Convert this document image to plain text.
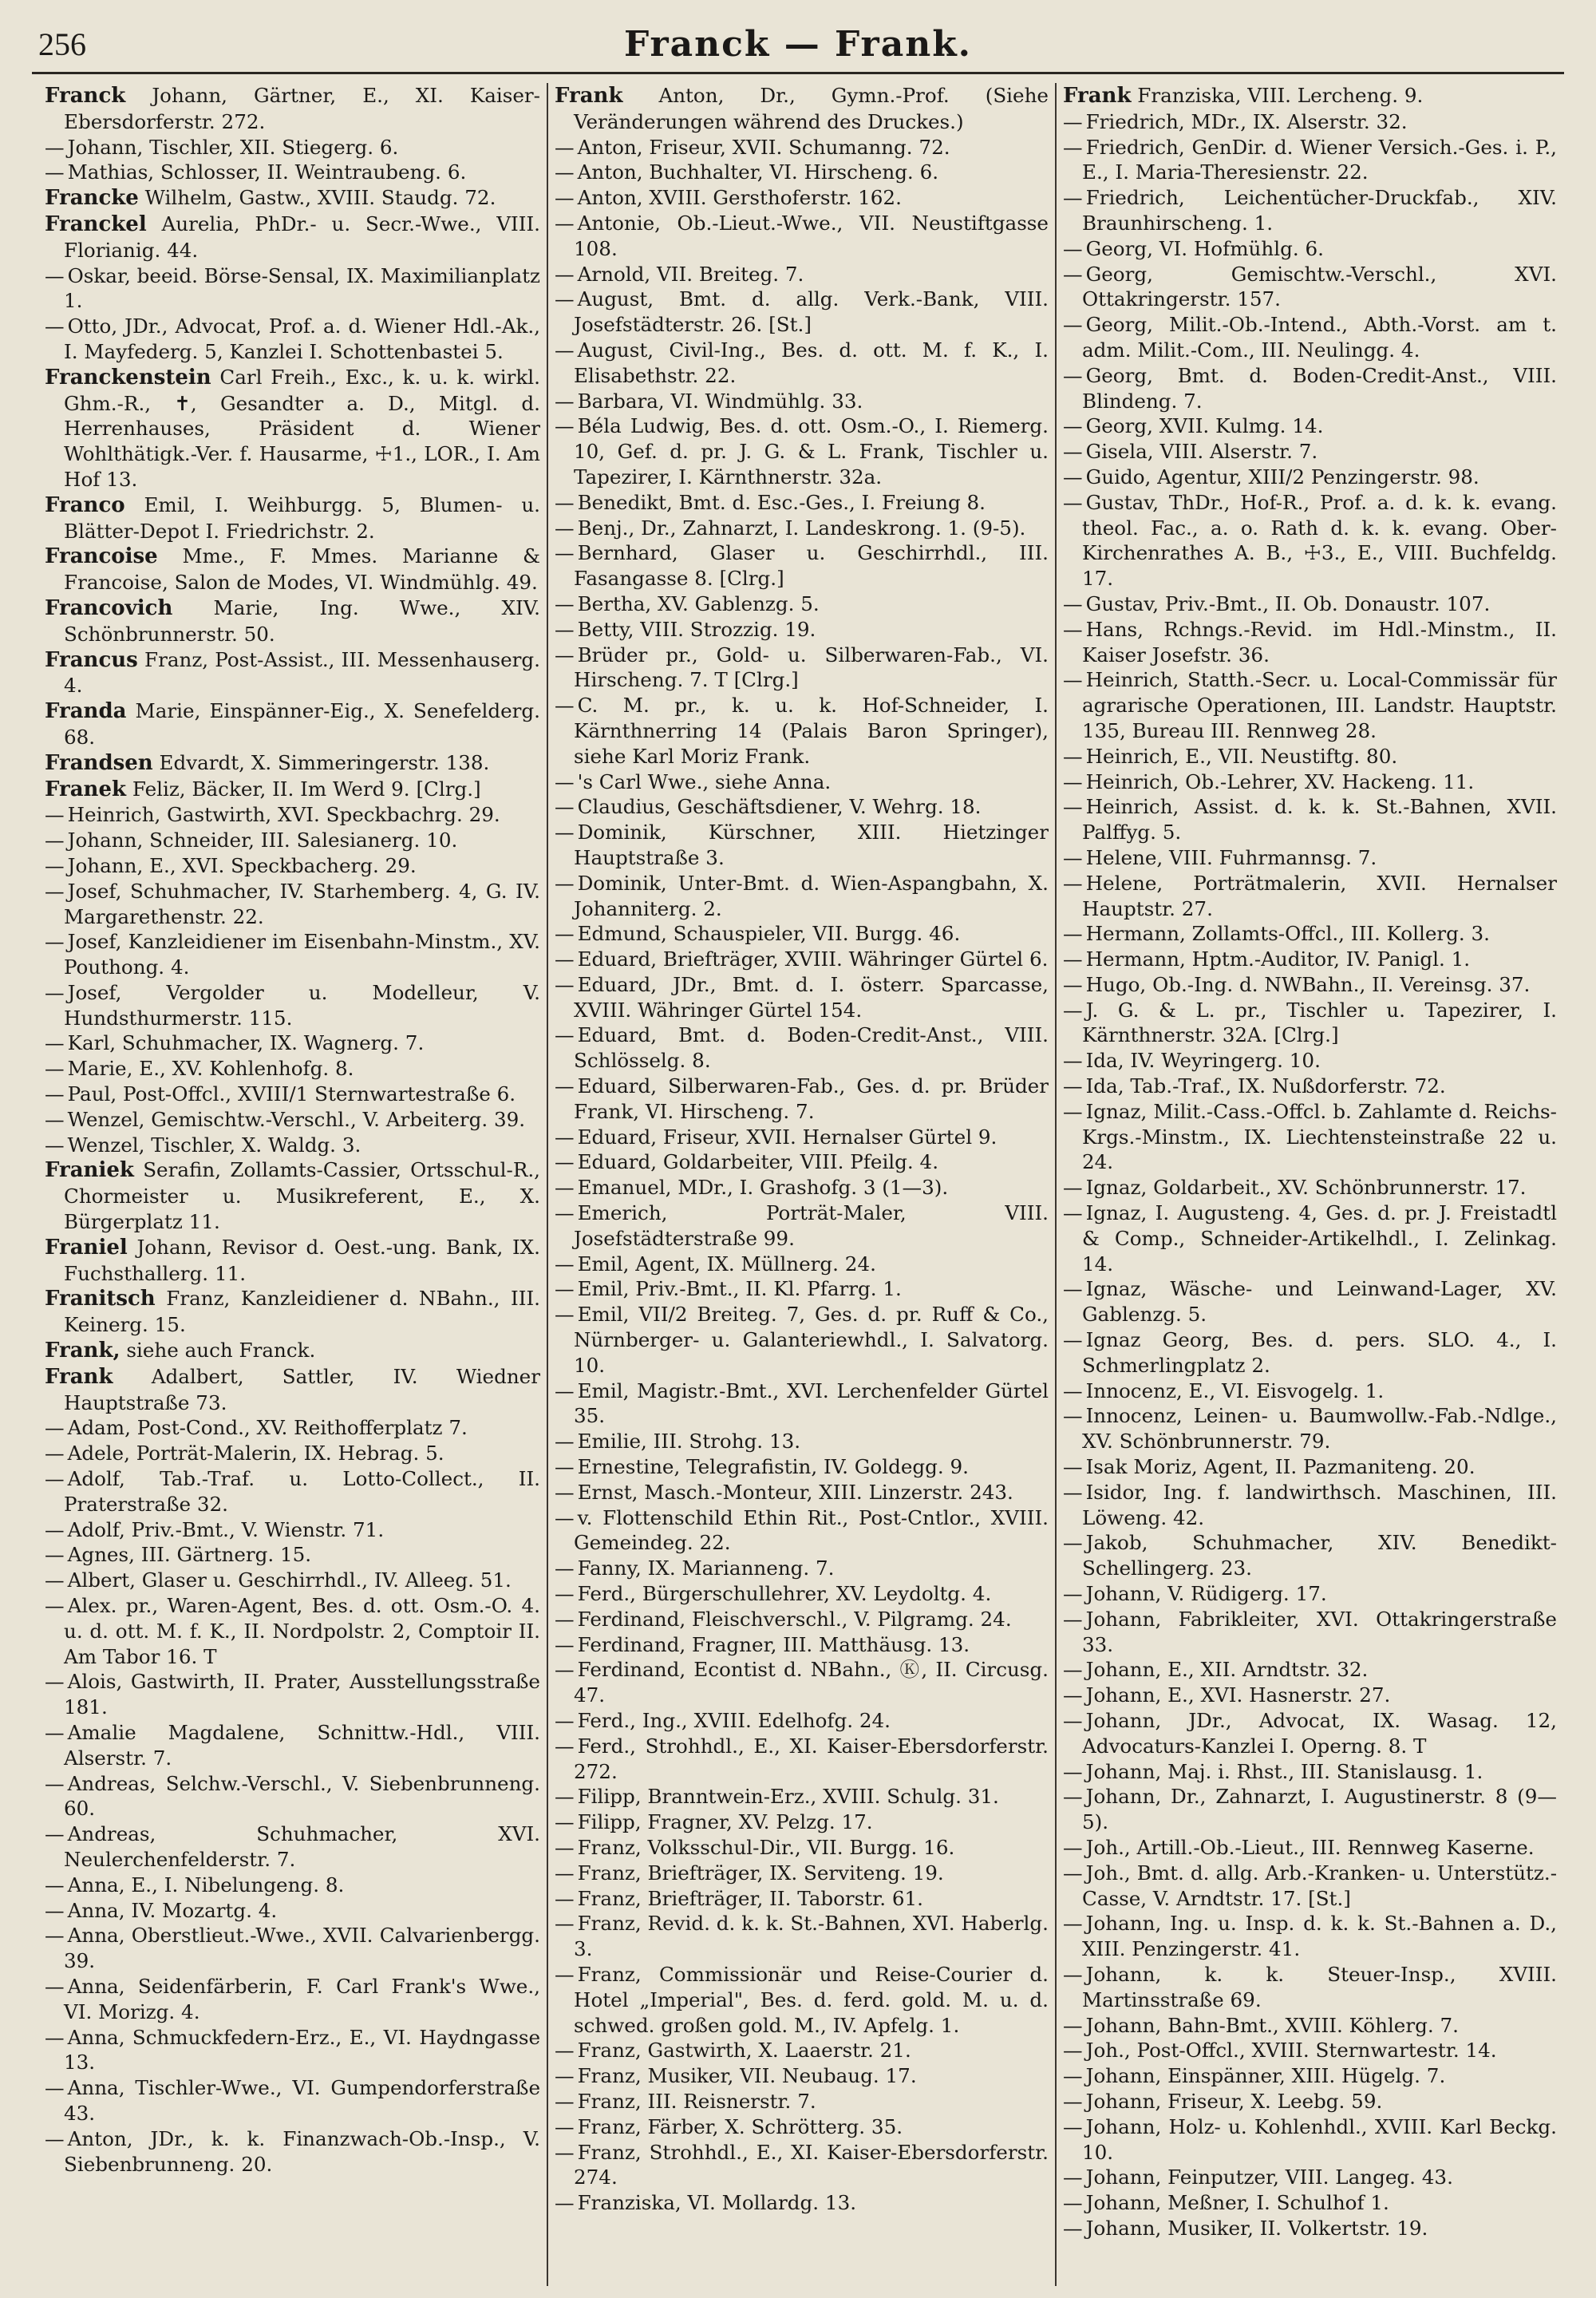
256	Franck — Frank.
Franck Johann, Gärtner, E., XI. Kaiser-Ebersdorferstr. 272.
— Johann, Tischler, XII. Stiegerg. 6.
— Mathias, Schlosser, II. Weintraubeng. 6.
Francke Wilhelm, Gastw., XVIII. Staudg. 72.
Franckel Aurelia, PhDr.- u. Secr.-Wwe., VIII. Florianig. 44.
— Oskar, beeid. Börse-Sensal, IX. Maximilianplatz 1.
— Otto, JDr., Advocat, Prof. a. d. Wiener Hdl.-Ak., I. Mayfederg. 5, Kanzlei I. Schottenbastei 5.
Franckenstein Carl Freih., Exc., k. u. k. wirkl. Ghm.-R., ✝, Gesandter a. D., Mitgl. d. Herrenhauses, Präsident d. Wiener Wohlthätigk.-Ver. f. Hausarme, ☩1., LOR., I. Am Hof 13.
Franco Emil, I. Weihburgg. 5, Blumen- u. Blätter-Depot I. Friedrichstr. 2.
Francoise Mme., F. Mmes. Marianne & Francoise, Salon de Modes, VI. Windmühlg. 49.
Francovich Marie, Ing. Wwe., XIV. Schönbrunnerstr. 50.
Francus Franz, Post-Assist., III. Messenhauserg. 4.
Franda Marie, Einspänner-Eig., X. Senefelderg. 68.
Frandsen Edvardt, X. Simmeringerstr. 138.
Franek Feliz, Bäcker, II. Im Werd 9. [Clrg.]
— Heinrich, Gastwirth, XVI. Speckbachrg. 29.
— Johann, Schneider, III. Salesianerg. 10.
— Johann, E., XVI. Speckbacherg. 29.
— Josef, Schuhmacher, IV. Starhemberg. 4, G. IV. Margarethenstr. 22.
— Josef, Kanzleidiener im Eisenbahn-Minstm., XV. Pouthong. 4.
— Josef, Vergolder u. Modelleur, V. Hundsthurmerstr. 115.
— Karl, Schuhmacher, IX. Wagnerg. 7.
— Marie, E., XV. Kohlenhofg. 8.
— Paul, Post-Offcl., XVIII/1 Sternwartestraße 6.
— Wenzel, Gemischtw.-Verschl., V. Arbeiterg. 39.
— Wenzel, Tischler, X. Waldg. 3.
Franiek Serafin, Zollamts-Cassier, Ortsschul-R., Chormeister u. Musikreferent, E., X. Bürgerplatz 11.
Franiel Johann, Revisor d. Oest.-ung. Bank, IX. Fuchsthallerg. 11.
Franitsch Franz, Kanzleidiener d. NBahn., III. Keinerg. 15.
Frank, siehe auch Franck.
Frank Adalbert, Sattler, IV. Wiedner Hauptstraße 73.
— Adam, Post-Cond., XV. Reithofferplatz 7.
— Adele, Porträt-Malerin, IX. Hebrag. 5.
— Adolf, Tab.-Traf. u. Lotto-Collect., II. Praterstraße 32.
— Adolf, Priv.-Bmt., V. Wienstr. 71.
— Agnes, III. Gärtnerg. 15.
— Albert, Glaser u. Geschirrhdl., IV. Alleeg. 51.
— Alex. pr., Waren-Agent, Bes. d. ott. Osm.-O. 4. u. d. ott. M. f. K., II. Nordpolstr. 2, Comptoir II. Am Tabor 16. T
— Alois, Gastwirth, II. Prater, Ausstellungsstraße 181.
— Amalie Magdalene, Schnittw.-Hdl., VIII. Alserstr. 7.
— Andreas, Selchw.-Verschl., V. Siebenbrunneng. 60.
— Andreas, Schuhmacher, XVI. Neulerchenfelderstr. 7.
— Anna, E., I. Nibelungeng. 8.
— Anna, IV. Mozartg. 4.
— Anna, Oberstlieut.-Wwe., XVII. Calvarienbergg. 39.
— Anna, Seidenfärberin, F. Carl Frank's Wwe., VI. Morizg. 4.
— Anna, Schmuckfedern-Erz., E., VI. Haydngasse 13.
— Anna, Tischler-Wwe., VI. Gumpendorferstraße 43.
— Anton, JDr., k. k. Finanzwach-Ob.-Insp., V. Siebenbrunneng. 20.
Frank Anton, Dr., Gymn.-Prof. (Siehe Veränderungen während des Druckes.)
— Anton, Friseur, XVII. Schumanng. 72.
— Anton, Buchhalter, VI. Hirscheng. 6.
— Anton, XVIII. Gersthoferstr. 162.
— Antonie, Ob.-Lieut.-Wwe., VII. Neustiftgasse 108.
— Arnold, VII. Breiteg. 7.
— August, Bmt. d. allg. Verk.-Bank, VIII. Josefstädterstr. 26. [St.]
— August, Civil-Ing., Bes. d. ott. M. f. K., I. Elisabethstr. 22.
— Barbara, VI. Windmühlg. 33.
— Béla Ludwig, Bes. d. ott. Osm.-O., I. Riemerg. 10, Gef. d. pr. J. G. & L. Frank, Tischler u. Tapezirer, I. Kärnthnerstr. 32a.
— Benedikt, Bmt. d. Esc.-Ges., I. Freiung 8.
— Benj., Dr., Zahnarzt, I. Landeskrong. 1. (9-5).
— Bernhard, Glaser u. Geschirrhdl., III. Fasangasse 8. [Clrg.]
— Bertha, XV. Gablenzg. 5.
— Betty, VIII. Strozzig. 19.
— Brüder pr., Gold- u. Silberwaren-Fab., VI. Hirscheng. 7. T [Clrg.]
— C. M. pr., k. u. k. Hof-Schneider, I. Kärnthnerring 14 (Palais Baron Springer), siehe Karl Moriz Frank.
— 's Carl Wwe., siehe Anna.
— Claudius, Geschäftsdiener, V. Wehrg. 18.
— Dominik, Kürschner, XIII. Hietzinger Hauptstraße 3.
— Dominik, Unter-Bmt. d. Wien-Aspangbahn, X. Johanniterg. 2.
— Edmund, Schauspieler, VII. Burgg. 46.
— Eduard, Briefträger, XVIII. Währinger Gürtel 6.
— Eduard, JDr., Bmt. d. I. österr. Sparcasse, XVIII. Währinger Gürtel 154.
— Eduard, Bmt. d. Boden-Credit-Anst., VIII. Schlösselg. 8.
— Eduard, Silberwaren-Fab., Ges. d. pr. Brüder Frank, VI. Hirscheng. 7.
— Eduard, Friseur, XVII. Hernalser Gürtel 9.
— Eduard, Goldarbeiter, VIII. Pfeilg. 4.
— Emanuel, MDr., I. Grashofg. 3 (1—3).
— Emerich, Porträt-Maler, VIII. Josefstädterstraße 99.
— Emil, Agent, IX. Müllnerg. 24.
— Emil, Priv.-Bmt., II. Kl. Pfarrg. 1.
— Emil, VII/2 Breiteg. 7, Ges. d. pr. Ruff & Co., Nürnberger- u. Galanteriewhdl., I. Salvatorg. 10.
— Emil, Magistr.-Bmt., XVI. Lerchenfelder Gürtel 35.
— Emilie, III. Strohg. 13.
— Ernestine, Telegrafistin, IV. Goldegg. 9.
— Ernst, Masch.-Monteur, XIII. Linzerstr. 243.
— v. Flottenschild Ethin Rit., Post-Cntlor., XVIII. Gemeindeg. 22.
— Fanny, IX. Marianneng. 7.
— Ferd., Bürgerschullehrer, XV. Leydoltg. 4.
— Ferdinand, Fleischverschl., V. Pilgramg. 24.
— Ferdinand, Fragner, III. Matthäusg. 13.
— Ferdinand, Econtist d. NBahn., Ⓚ, II. Circusg. 47.
— Ferd., Ing., XVIII. Edelhofg. 24.
— Ferd., Strohhdl., E., XI. Kaiser-Ebersdorferstr. 272.
— Filipp, Branntwein-Erz., XVIII. Schulg. 31.
— Filipp, Fragner, XV. Pelzg. 17.
— Franz, Volksschul-Dir., VII. Burgg. 16.
— Franz, Briefträger, IX. Serviteng. 19.
— Franz, Briefträger, II. Taborstr. 61.
— Franz, Revid. d. k. k. St.-Bahnen, XVI. Haberlg. 3.
— Franz, Commissionär und Reise-Courier d. Hotel „Imperial", Bes. d. ferd. gold. M. u. d. schwed. großen gold. M., IV. Apfelg. 1.
— Franz, Gastwirth, X. Laaerstr. 21.
— Franz, Musiker, VII. Neubaug. 17.
— Franz, III. Reisnerstr. 7.
— Franz, Färber, X. Schrötterg. 35.
— Franz, Strohhdl., E., XI. Kaiser-Ebersdorferstr. 274.
— Franziska, VI. Mollardg. 13.
Frank Franziska, VIII. Lercheng. 9.
— Friedrich, MDr., IX. Alserstr. 32.
— Friedrich, GenDir. d. Wiener Versich.-Ges. i. P., E., I. Maria-Theresienstr. 22.
— Friedrich, Leichentücher-Druckfab., XIV. Braunhirscheng. 1.
— Georg, VI. Hofmühlg. 6.
— Georg, Gemischtw.-Verschl., XVI. Ottakringerstr. 157.
— Georg, Milit.-Ob.-Intend., Abth.-Vorst. am t. adm. Milit.-Com., III. Neulingg. 4.
— Georg, Bmt. d. Boden-Credit-Anst., VIII. Blindeng. 7.
— Georg, XVII. Kulmg. 14.
— Gisela, VIII. Alserstr. 7.
— Guido, Agentur, XIII/2 Penzingerstr. 98.
— Gustav, ThDr., Hof-R., Prof. a. d. k. k. evang. theol. Fac., a. o. Rath d. k. k. evang. Ober-Kirchenrathes A. B., ☩3., E., VIII. Buchfeldg. 17.
— Gustav, Priv.-Bmt., II. Ob. Donaustr. 107.
— Hans, Rchngs.-Revid. im Hdl.-Minstm., II. Kaiser Josefstr. 36.
— Heinrich, Statth.-Secr. u. Local-Commissär für agrarische Operationen, III. Landstr. Hauptstr. 135, Bureau III. Rennweg 28.
— Heinrich, E., VII. Neustiftg. 80.
— Heinrich, Ob.-Lehrer, XV. Hackeng. 11.
— Heinrich, Assist. d. k. k. St.-Bahnen, XVII. Palffyg. 5.
— Helene, VIII. Fuhrmannsg. 7.
— Helene, Porträtmalerin, XVII. Hernalser Hauptstr. 27.
— Hermann, Zollamts-Offcl., III. Kollerg. 3.
— Hermann, Hptm.-Auditor, IV. Panigl. 1.
— Hugo, Ob.-Ing. d. NWBahn., II. Vereinsg. 37.
— J. G. & L. pr., Tischler u. Tapezirer, I. Kärnthnerstr. 32A. [Clrg.]
— Ida, IV. Weyringerg. 10.
— Ida, Tab.-Traf., IX. Nußdorferstr. 72.
— Ignaz, Milit.-Cass.-Offcl. b. Zahlamte d. Reichs-Krgs.-Minstm., IX. Liechtensteinstraße 22 u. 24.
— Ignaz, Goldarbeit., XV. Schönbrunnerstr. 17.
— Ignaz, I. Augusteng. 4, Ges. d. pr. J. Freistadtl & Comp., Schneider-Artikelhdl., I. Zelinkag. 14.
— Ignaz, Wäsche- und Leinwand-Lager, XV. Gablenzg. 5.
— Ignaz Georg, Bes. d. pers. SLO. 4., I. Schmerlingplatz 2.
— Innocenz, E., VI. Eisvogelg. 1.
— Innocenz, Leinen- u. Baumwollw.-Fab.-Ndlge., XV. Schönbrunnerstr. 79.
— Isak Moriz, Agent, II. Pazmaniteng. 20.
— Isidor, Ing. f. landwirthsch. Maschinen, III. Löweng. 42.
— Jakob, Schuhmacher, XIV. Benedikt-Schellingerg. 23.
— Johann, V. Rüdigerg. 17.
— Johann, Fabrikleiter, XVI. Ottakringerstraße 33.
— Johann, E., XII. Arndtstr. 32.
— Johann, E., XVI. Hasnerstr. 27.
— Johann, JDr., Advocat, IX. Wasag. 12, Advocaturs-Kanzlei I. Operng. 8. T
— Johann, Maj. i. Rhst., III. Stanislausg. 1.
— Johann, Dr., Zahnarzt, I. Augustinerstr. 8 (9—5).
— Joh., Artill.-Ob.-Lieut., III. Rennweg Kaserne.
— Joh., Bmt. d. allg. Arb.-Kranken- u. Unterstütz.-Casse, V. Arndtstr. 17. [St.]
— Johann, Ing. u. Insp. d. k. k. St.-Bahnen a. D., XIII. Penzingerstr. 41.
— Johann, k. k. Steuer-Insp., XVIII. Martinsstraße 69.
— Johann, Bahn-Bmt., XVIII. Köhlerg. 7.
— Joh., Post-Offcl., XVIII. Sternwartestr. 14.
— Johann, Einspänner, XIII. Hügelg. 7.
— Johann, Friseur, X. Leebg. 59.
— Johann, Holz- u. Kohlenhdl., XVIII. Karl Beckg. 10.
— Johann, Feinputzer, VIII. Langeg. 43.
— Johann, Meßner, I. Schulhof 1.
— Johann, Musiker, II. Volkertstr. 19.
